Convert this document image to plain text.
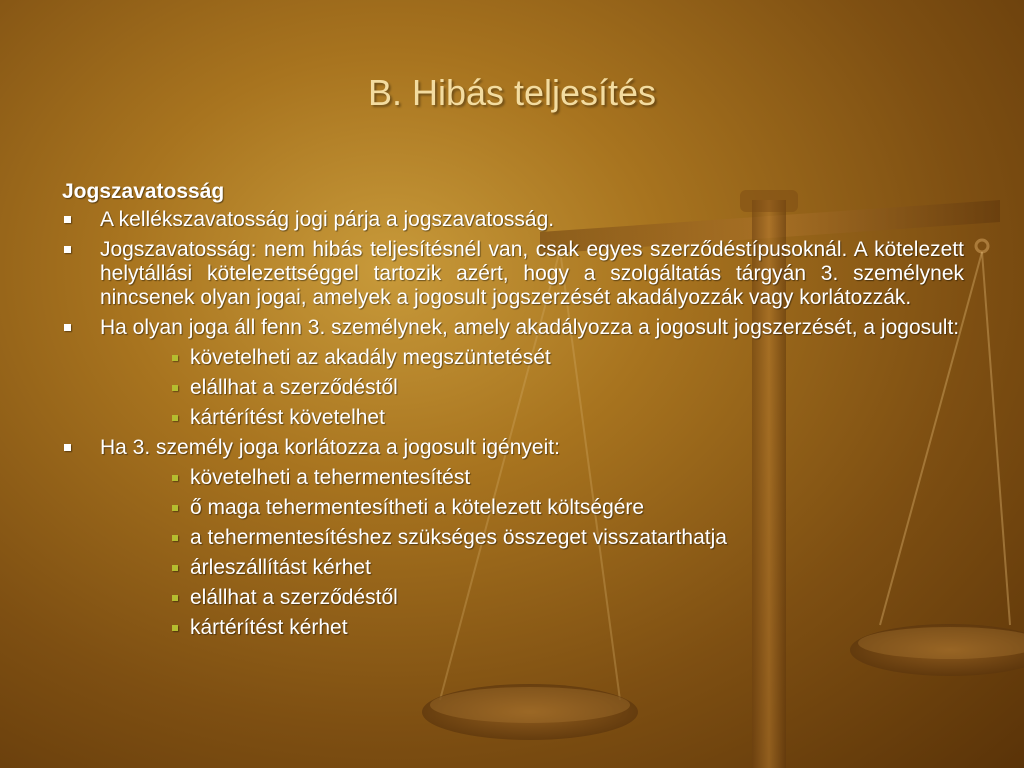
B. Hibás teljesítés
Jogszavatosság
A kellékszavatosság jogi párja a jogszavatosság.
Jogszavatosság: nem hibás teljesítésnél van, csak egyes szerződéstípusoknál. A kötelezett helytállási kötelezettséggel tartozik azért, hogy a szolgáltatás tárgyán 3. személynek nincsenek olyan jogai, amelyek a jogosult jogszerzését akadályozzák vagy korlátozzák.
Ha olyan joga áll fenn 3. személynek, amely akadályozza a jogosult jogszerzését, a jogosult:
követelheti az akadály megszüntetését
elállhat a szerződéstől
kártérítést követelhet
Ha 3. személy joga korlátozza a jogosult igényeit:
követelheti a tehermentesítést
ő maga tehermentesítheti a kötelezett költségére
a tehermentesítéshez szükséges összeget visszatarthatja
árleszállítást kérhet
elállhat a szerződéstől
kártérítést kérhet
